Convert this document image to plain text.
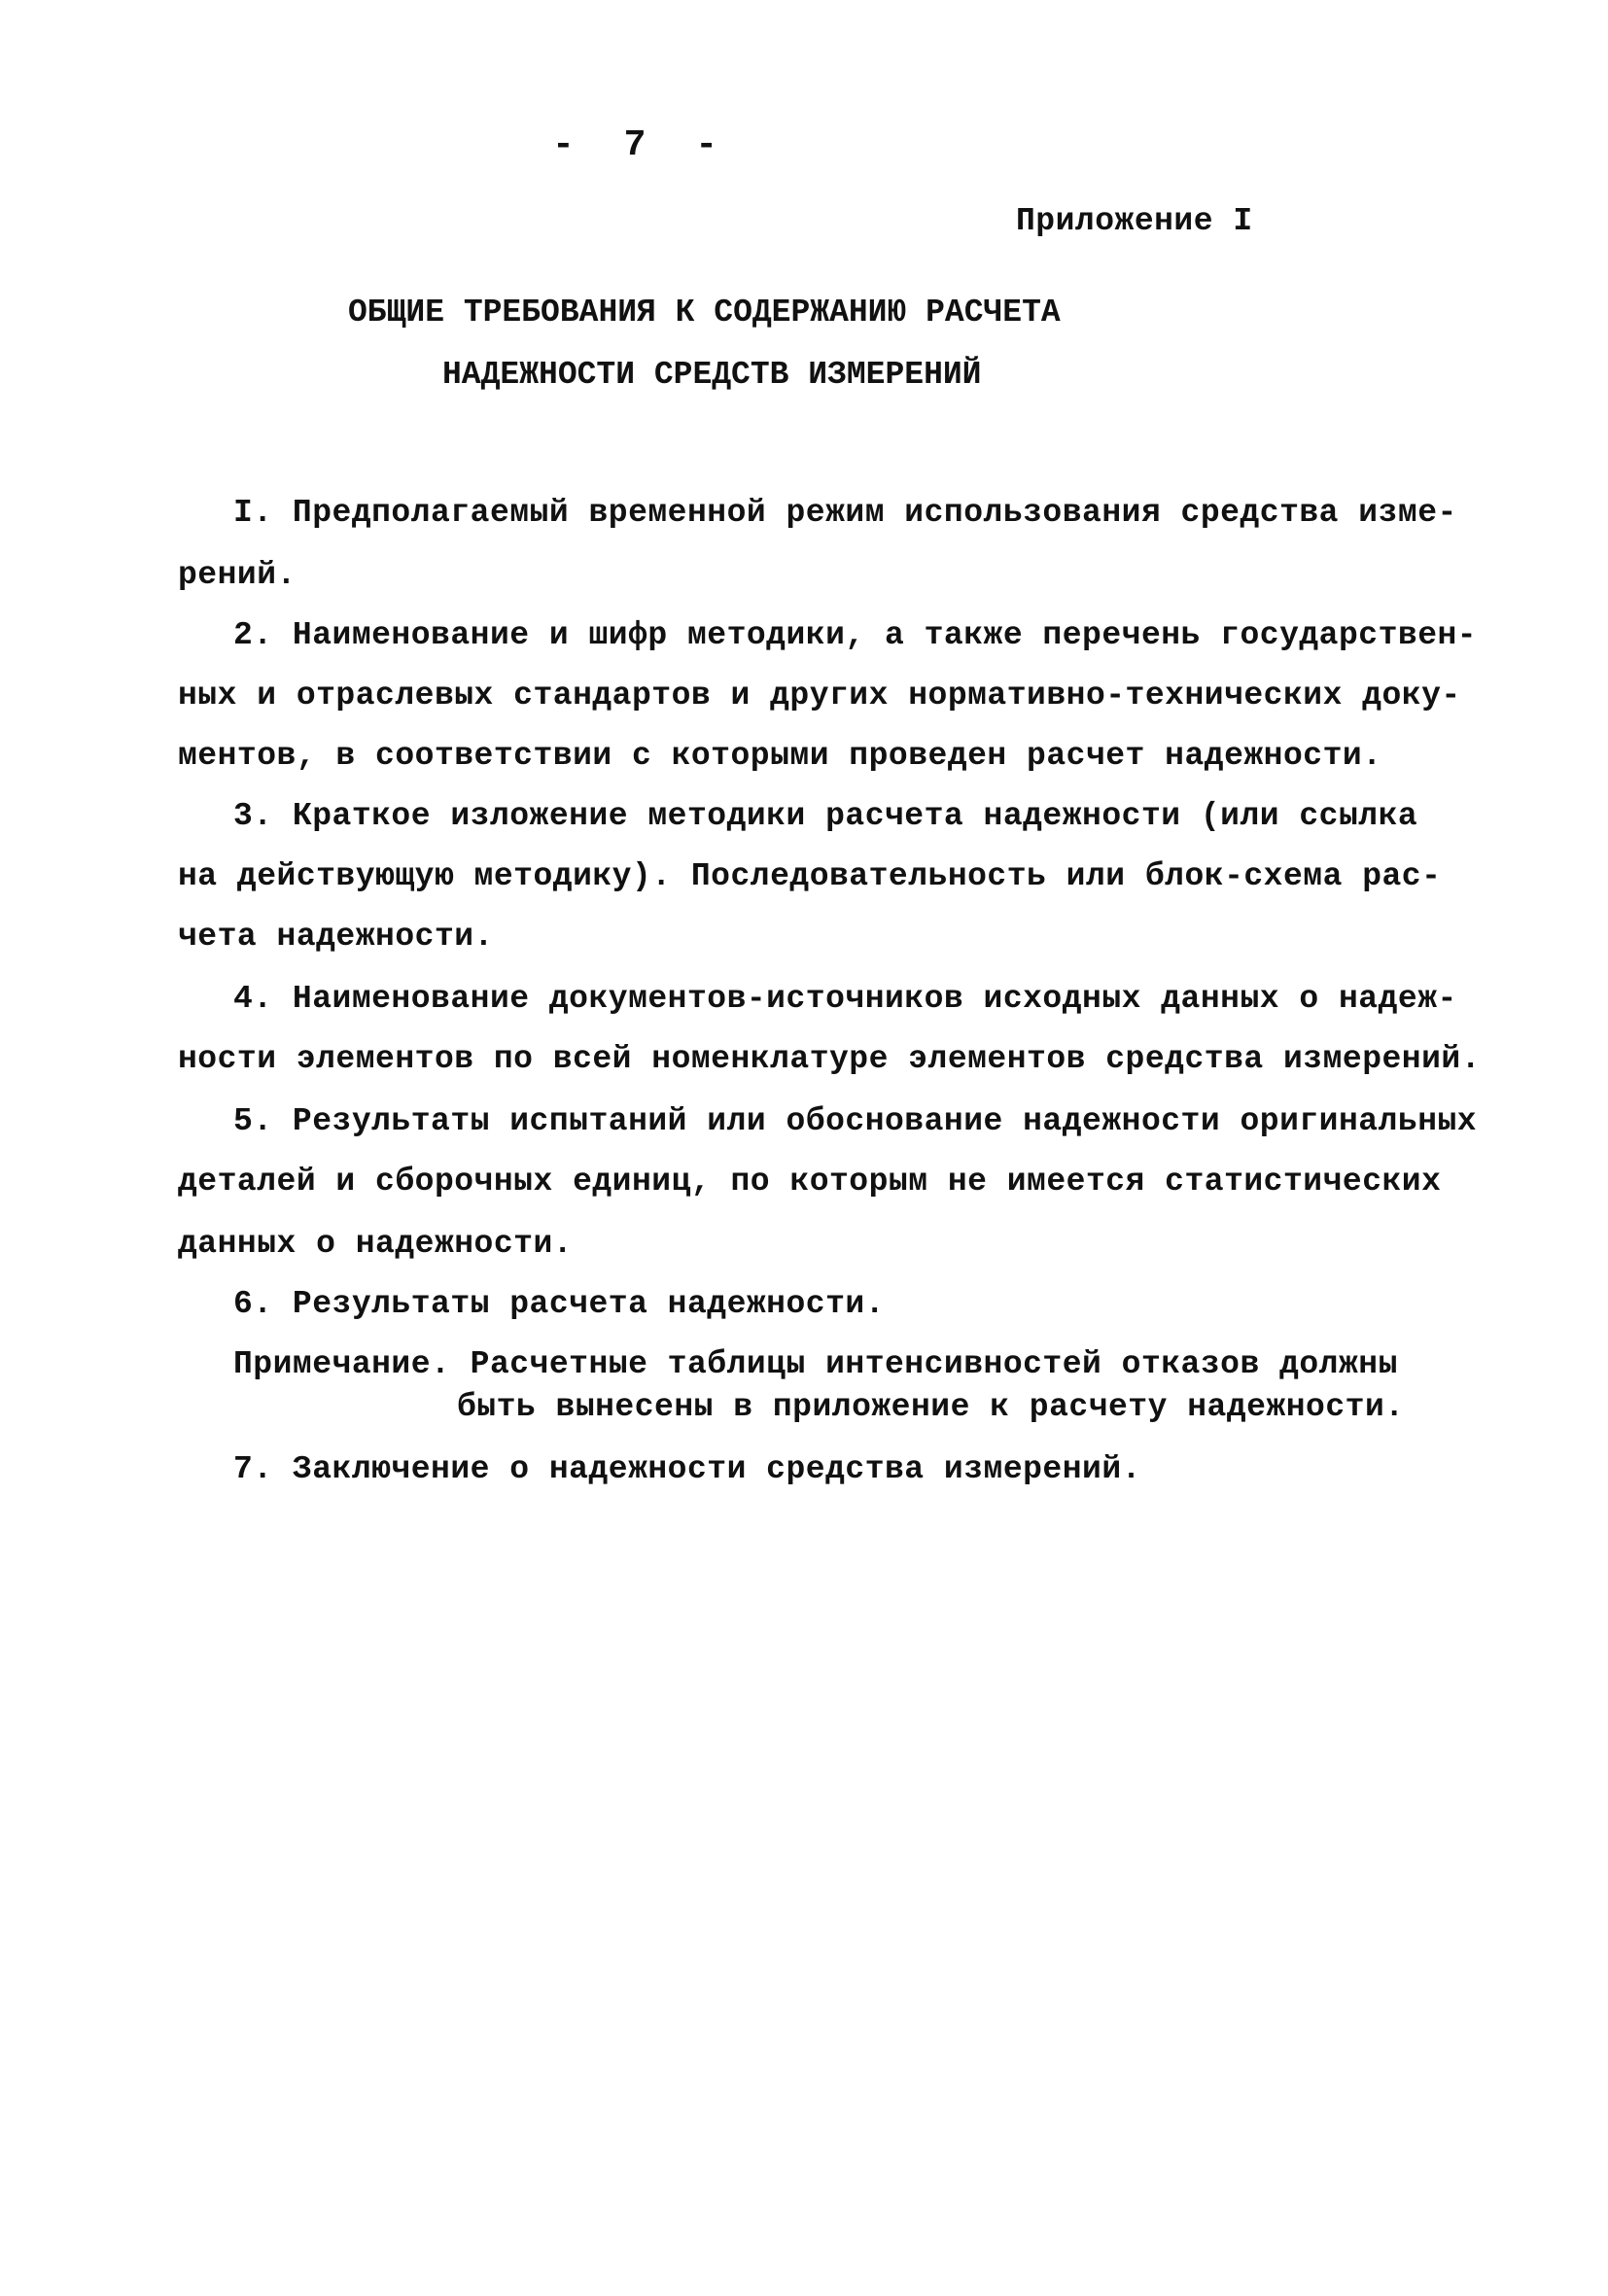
- 7 -
Приложение I
ОБЩИЕ ТРЕБОВАНИЯ К СОДЕРЖАНИЮ РАСЧЕТА
НАДЕЖНОСТИ СРЕДСТВ ИЗМЕРЕНИЙ
I. Предполагаемый временной режим использования средства изме-
рений.
2. Наименование и шифр методики, а также перечень государствен-
ных и отраслевых стандартов и других нормативно-технических доку-
ментов, в соответствии с которыми проведен расчет надежности.
3. Краткое изложение методики расчета надежности (или ссылка
на действующую методику). Последовательность или блок-схема рас-
чета надежности.
4. Наименование документов-источников исходных данных о надеж-
ности элементов по всей номенклатуре элементов средства измерений.
5. Результаты испытаний или обоснование надежности оригинальных
деталей и сборочных единиц, по которым не имеется статистических
данных о надежности.
6. Результаты расчета надежности.
Примечание. Расчетные таблицы интенсивностей отказов должны
быть вынесены в приложение к расчету надежности.
7. Заключение о надежности средства измерений.
